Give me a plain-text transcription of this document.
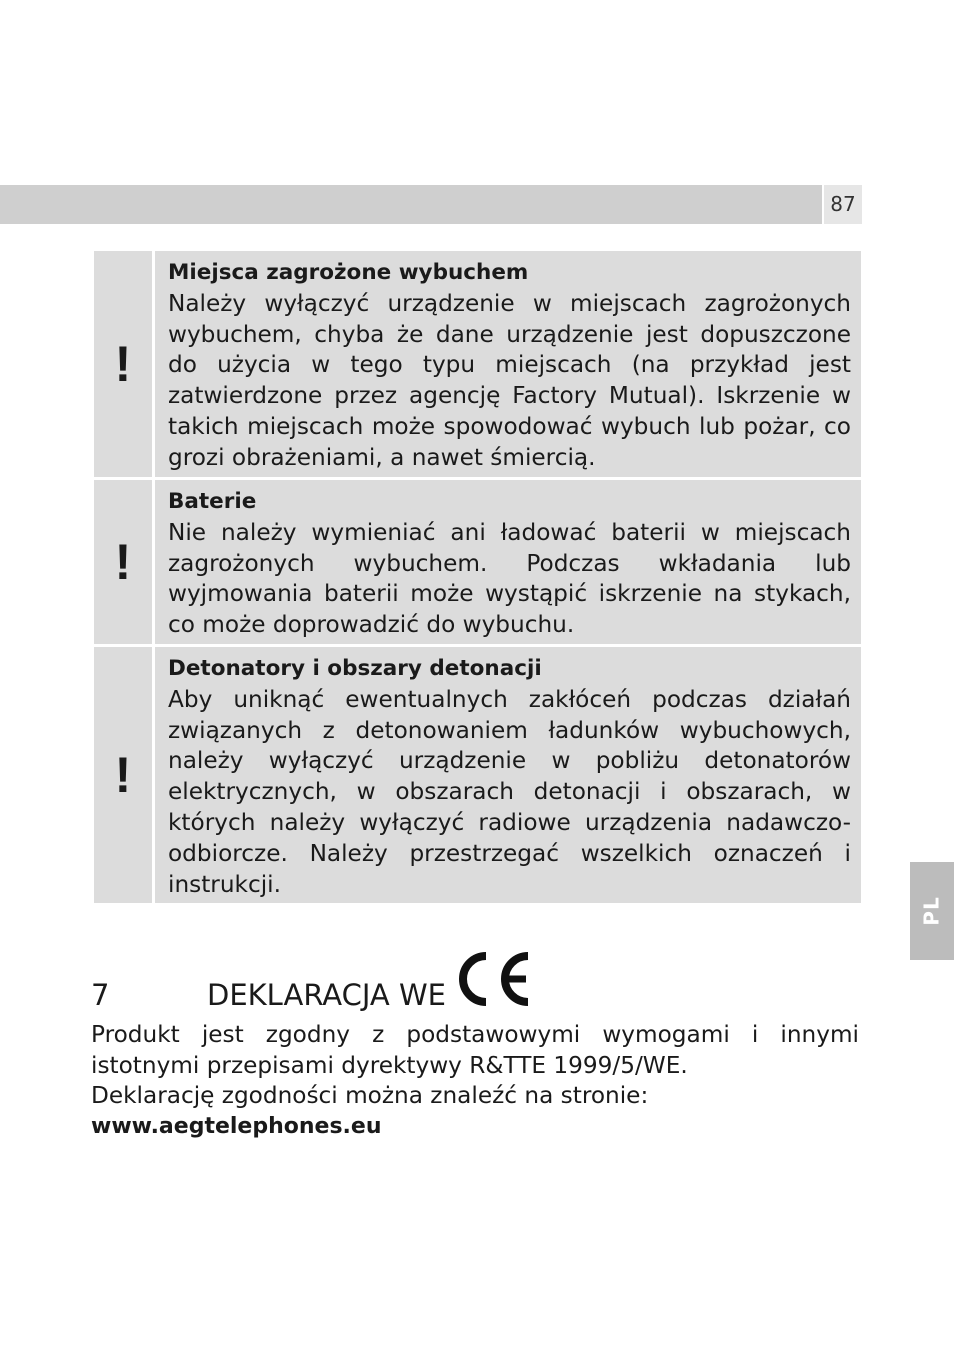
87
!
Miejsca zagrożone wybuchem
Należy wyłączyć urządzenie w miejscach zagrożonych wybuchem, chyba że dane urządzenie jest dopuszczone do użycia w tego typu miejscach (na przykład jest zatwierdzone przez agencję Factory Mutual). Iskrzenie w takich miejscach może spowodować wybuch lub pożar, co grozi obrażeniami, a nawet śmiercią.
!
Baterie
Nie należy wymieniać ani ładować baterii w miejscach zagrożonych wybuchem. Podczas wkładania lub wyjmowania baterii może wystąpić iskrzenie na stykach, co może doprowadzić do wybuchu.
!
Detonatory i obszary detonacji
Aby uniknąć ewentualnych zakłóceń podczas działań związanych z detonowaniem ładunków wybuchowych, należy wyłączyć urządzenie w pobliżu detonatorów elektrycznych, w obszarach detonacji i obszarach, w których należy wyłączyć radiowe urządzenia nadawczo-odbiorcze. Należy przestrzegać wszelkich oznaczeń i instrukcji.
PL
7	DEKLARACJA WE
Produkt jest zgodny z podstawowymi wymogami i innymi istotnymi przepisami dyrektywy R&TTE 1999/5/WE.
Deklarację zgodności można znaleźć na stronie:
www.aegtelephones.eu
